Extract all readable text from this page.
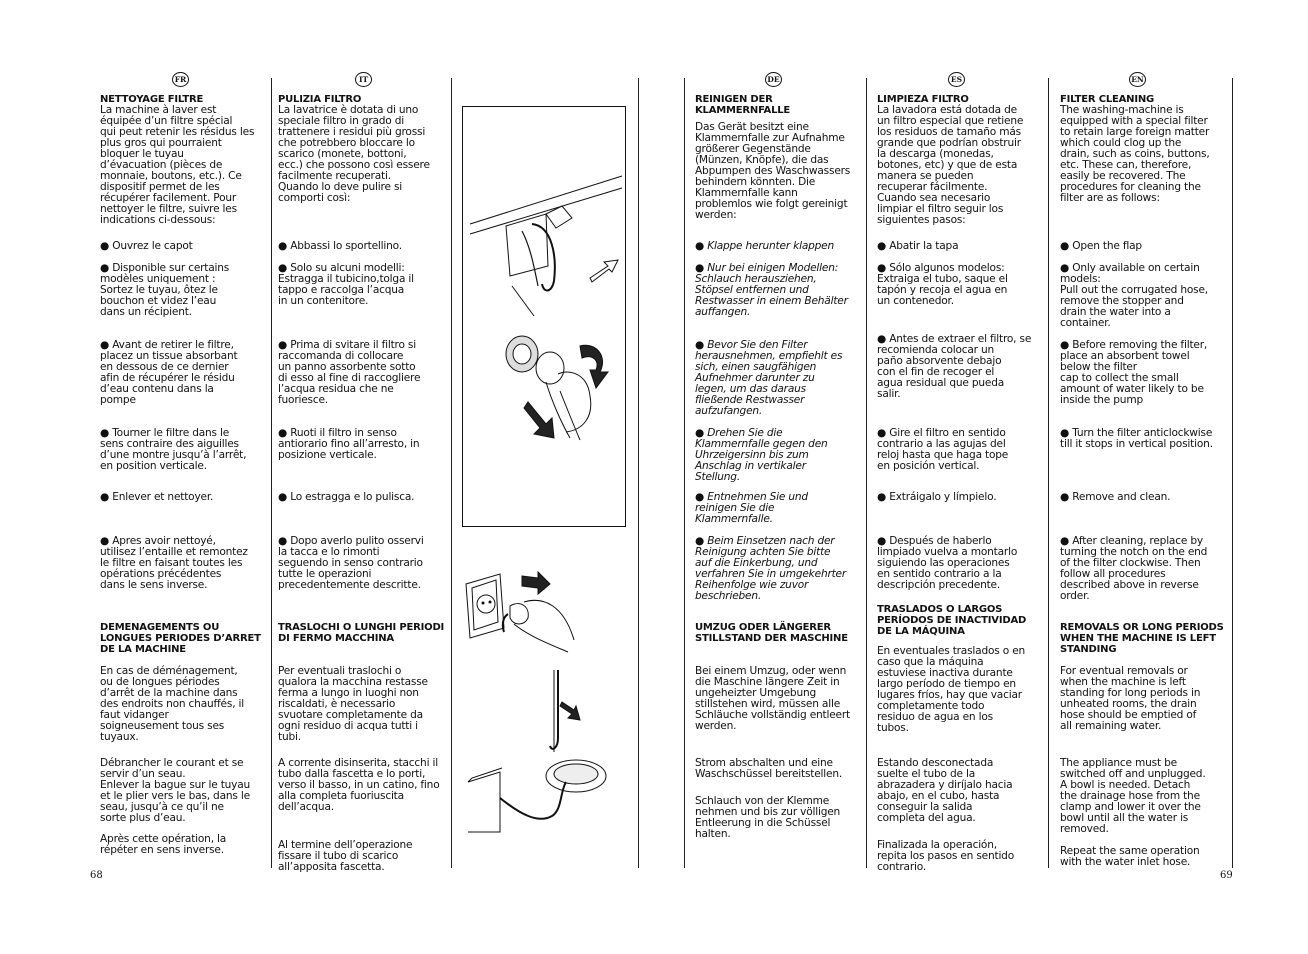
FR	IT	DE	ES	EN

NETTOYAGE FILTRE

La machine à laver est
équipée d’un filtre spécial
qui peut retenir les résidus les
plus gros qui pourraient
bloquer le tuyau
d’évacuation (pièces de
monnaie, boutons, etc.). Ce
dispositif permet de les
récupérer facilement. Pour
nettoyer le filtre, suivre les
indications ci-dessous:

● Ouvrez le capot

● Disponible sur certains
modèles uniquement :
Sortez le tuyau, ôtez le
bouchon et videz l’eau
dans un récipient.

● Avant de retirer le filtre,
placez un tissue absorbant
en dessous de ce dernier
afin de récupérer le résidu
d’eau contenu dans la
pompe

● Tourner le filtre dans le
sens contraire des aiguilles
d’une montre jusqu’à l’arrêt,
en position verticale.

● Enlever et nettoyer.

● Apres avoir nettoyé,
utilisez l’entaille et remontez
le filtre en faisant toutes les
opérations précédentes
dans le sens inverse.

DEMENAGEMENTS OU
LONGUES PERIODES D’ARRET
DE LA MACHINE

En cas de déménagement,
ou de longues périodes
d’arrêt de la machine dans
des endroits non chauffés, il
faut vidanger
soigneusement tous ses
tuyaux.

Débrancher le courant et se
servir d’un seau.
Enlever la bague sur le tuyau
et le plier vers le bas, dans le
seau, jusqu’à ce qu’il ne
sorte plus d’eau.

Après cette opération, la
répéter en sens inverse.

PULIZIA FILTRO

La lavatrice è dotata di uno
speciale filtro in grado di
trattenere i residui più grossi
che potrebbero bloccare lo
scarico (monete, bottoni,
ecc.) che possono così essere
facilmente recuperati.
Quando lo deve pulire si
comporti così:

● Abbassi lo sportellino.

● Solo su alcuni modelli:
Estragga il tubicino,tolga il
tappo e raccolga l’acqua
in un contenitore.

● Prima di svitare il filtro si
raccomanda di collocare
un panno assorbente sotto
di esso al fine di raccogliere
l’acqua residua che ne
fuoriesce.

● Ruoti il filtro in senso
antiorario fino all’arresto, in
posizione verticale.

● Lo estragga e lo pulisca.

● Dopo averlo pulito osservi
la tacca e lo rimonti
seguendo in senso contrario
tutte le operazioni
precedentemente descritte.

TRASLOCHI O LUNGHI PERIODI
DI FERMO MACCHINA

Per eventuali traslochi o
qualora la macchina restasse
ferma a lungo in luoghi non
riscaldati, è necessario
svuotare completamente da
ogni residuo di acqua tutti i
tubi.

A corrente disinserita, stacchi il
tubo dalla fascetta e lo porti,
verso il basso, in un catino, fino
alla completa fuoriuscita
dell’acqua.

Al termine dell’operazione
fissare il tubo di scarico
all’apposita fascetta.

REINIGEN DER
KLAMMERNFALLE

Das Gerät besitzt eine
Klammernfalle zur Aufnahme
größerer Gegenstände
(Münzen, Knöpfe), die das
Abpumpen des Waschwassers
behindern könnten. Die
Klammernfalle kann
problemlos wie folgt gereinigt
werden:

● Klappe herunter klappen

● Nur bei einigen Modellen:
Schlauch herausziehen,
Stöpsel entfernen und
Restwasser in einem Behälter
auffangen.

● Bevor Sie den Filter
herausnehmen, empfiehlt es
sich, einen saugfähigen
Aufnehmer darunter zu
legen, um das daraus
fließende Restwasser
aufzufangen.

● Drehen Sie die
Klammernfalle gegen den
Uhrzeigersinn bis zum
Anschlag in vertikaler
Stellung.

● Entnehmen Sie und
reinigen Sie die
Klammernfalle.

● Beim Einsetzen nach der
Reinigung achten Sie bitte
auf die Einkerbung, und
verfahren Sie in umgekehrter
Reihenfolge wie zuvor
beschrieben.

UMZUG ODER LÄNGERER
STILLSTAND DER MASCHINE

Bei einem Umzug, oder wenn
die Maschine längere Zeit in
ungeheizter Umgebung
stillstehen wird, müssen alle
Schläuche vollständig entleert
werden.

Strom abschalten und eine
Waschschüssel bereitstellen.

Schlauch von der Klemme
nehmen und bis zur völligen
Entleerung in die Schüssel
halten.

LIMPIEZA FILTRO

La lavadora está dotada de
un filtro especial que retiene
los residuos de tamaño más
grande que podrían obstruir
la descarga (monedas,
botones, etc) y que de esta
manera se pueden
recuperar fácilmente.
Cuando sea necesario
limpiar el filtro seguir los
siguientes pasos:

● Abatir la tapa

● Sólo algunos modelos:
Extraiga el tubo, saque el
tapón y recoja el agua en
un contenedor.

● Antes de extraer el filtro, se
recomienda colocar un
paño absorvente debajo
con el fin de recoger el
agua residual que pueda
salir.

● Gire el filtro en sentido
contrario a las agujas del
reloj hasta que haga tope
en posición vertical.

● Extráigalo y límpielo.

● Después de haberlo
limpiado vuelva a montarlo
siguiendo las operaciones
en sentido contrario a la
descripción precedente.

TRASLADOS O LARGOS
PERÍODOS DE INACTIVIDAD
DE LA MÁQUINA

En eventuales traslados o en
caso que la máquina
estuviese inactiva durante
largo período de tiempo en
lugares fríos, hay que vaciar
completamente todo
residuo de agua en los
tubos.

Estando desconectada
suelte el tubo de la
abrazadera y diríjalo hacia
abajo, en el cubo, hasta
conseguir la salida
completa del agua.

Finalizada la operación,
repita los pasos en sentido
contrario.

FILTER CLEANING

The washing-machine is
equipped with a special filter
to retain large foreign matter
which could clog up the
drain, such as coins, buttons,
etc. These can, therefore,
easily be recovered. The
procedures for cleaning the
filter are as follows:

● Open the flap

● Only available on certain
models:
Pull out the corrugated hose,
remove the stopper and
drain the water into a
container.

● Before removing the filter,
place an absorbent towel
below the filter
cap to collect the small
amount of water likely to be
inside the pump

● Turn the filter anticlockwise
till it stops in vertical position.

● Remove and clean.

● After cleaning, replace by
turning the notch on the end
of the filter clockwise. Then
follow all procedures
described above in reverse
order.

REMOVALS OR LONG PERIODS
WHEN THE MACHINE IS LEFT
STANDING

For eventual removals or
when the machine is left
standing for long periods in
unheated rooms, the drain
hose should be emptied of
all remaining water.

The appliance must be
switched off and unplugged.
A bowl is needed. Detach
the drainage hose from the
clamp and lower it over the
bowl until all the water is
removed.

Repeat the same operation
with the water inlet hose.

68	69
